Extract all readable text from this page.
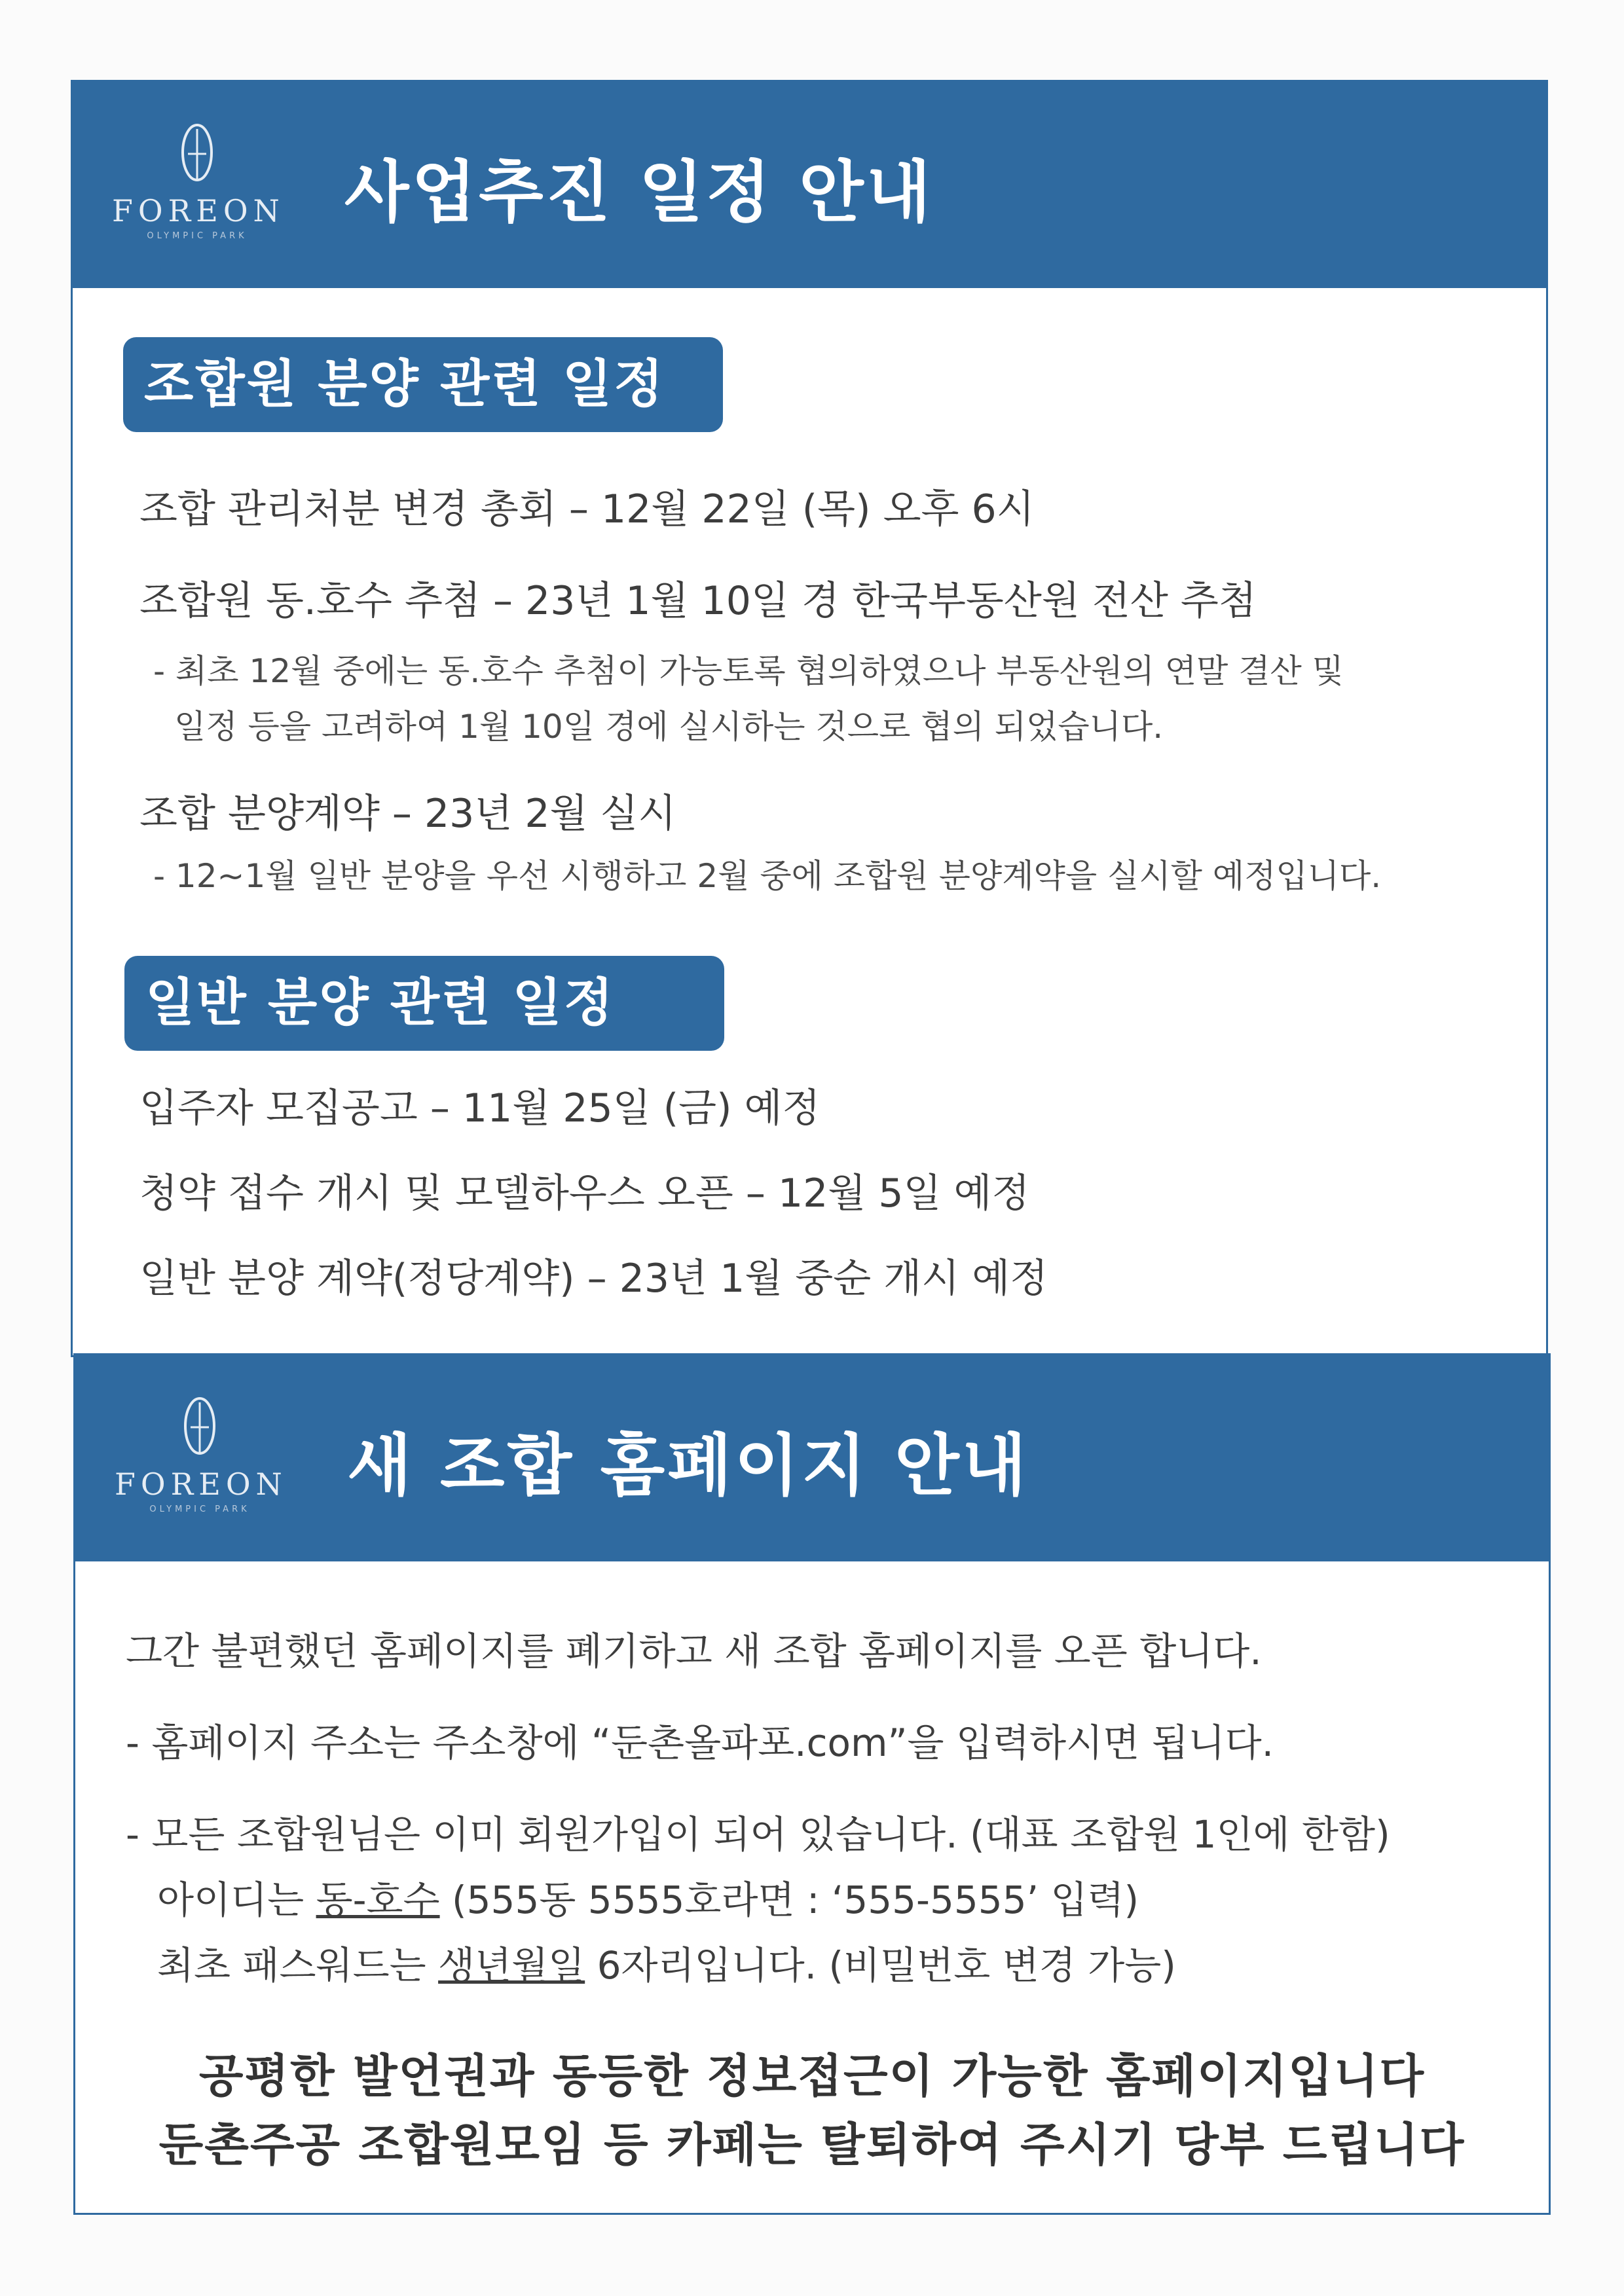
FOREON
OLYMPIC PARK
사업추진 일정 안내
조합원 분양 관련 일정

조합 관리처분 변경 총회 – 12월 22일 (목) 오후 6시

조합원 동.호수 추첨 – 23년 1월 10일 경 한국부동산원 전산 추첨

- 최초 12월 중에는 동.호수 추첨이 가능토록 협의하였으나 부동산원의 연말 결산 및

일정 등을 고려하여 1월 10일 경에 실시하는 것으로 협의 되었습니다.

조합 분양계약 – 23년 2월 실시

- 12~1월 일반 분양을 우선 시행하고 2월 중에 조합원 분양계약을 실시할 예정입니다.

일반 분양 관련 일정

입주자 모집공고 – 11월 25일 (금) 예정

청약 접수 개시 및 모델하우스 오픈 – 12월 5일 예정

일반 분양 계약(정당계약) – 23년 1월 중순 개시 예정

FOREON
OLYMPIC PARK
새 조합 홈페이지 안내

그간 불편했던 홈페이지를 폐기하고 새 조합 홈페이지를 오픈 합니다.

- 홈페이지 주소는 주소창에 “둔촌올파포.com”을 입력하시면 됩니다.

- 모든 조합원님은 이미 회원가입이 되어 있습니다. (대표 조합원 1인에 한함)

아이디는 동-호수 (555동 5555호라면 : ‘555-5555’ 입력)

최초 패스워드는 생년월일 6자리입니다. (비밀번호 변경 가능)

공평한 발언권과 동등한 정보접근이 가능한 홈페이지입니다

둔촌주공 조합원모임 등 카페는 탈퇴하여 주시기 당부 드립니다
